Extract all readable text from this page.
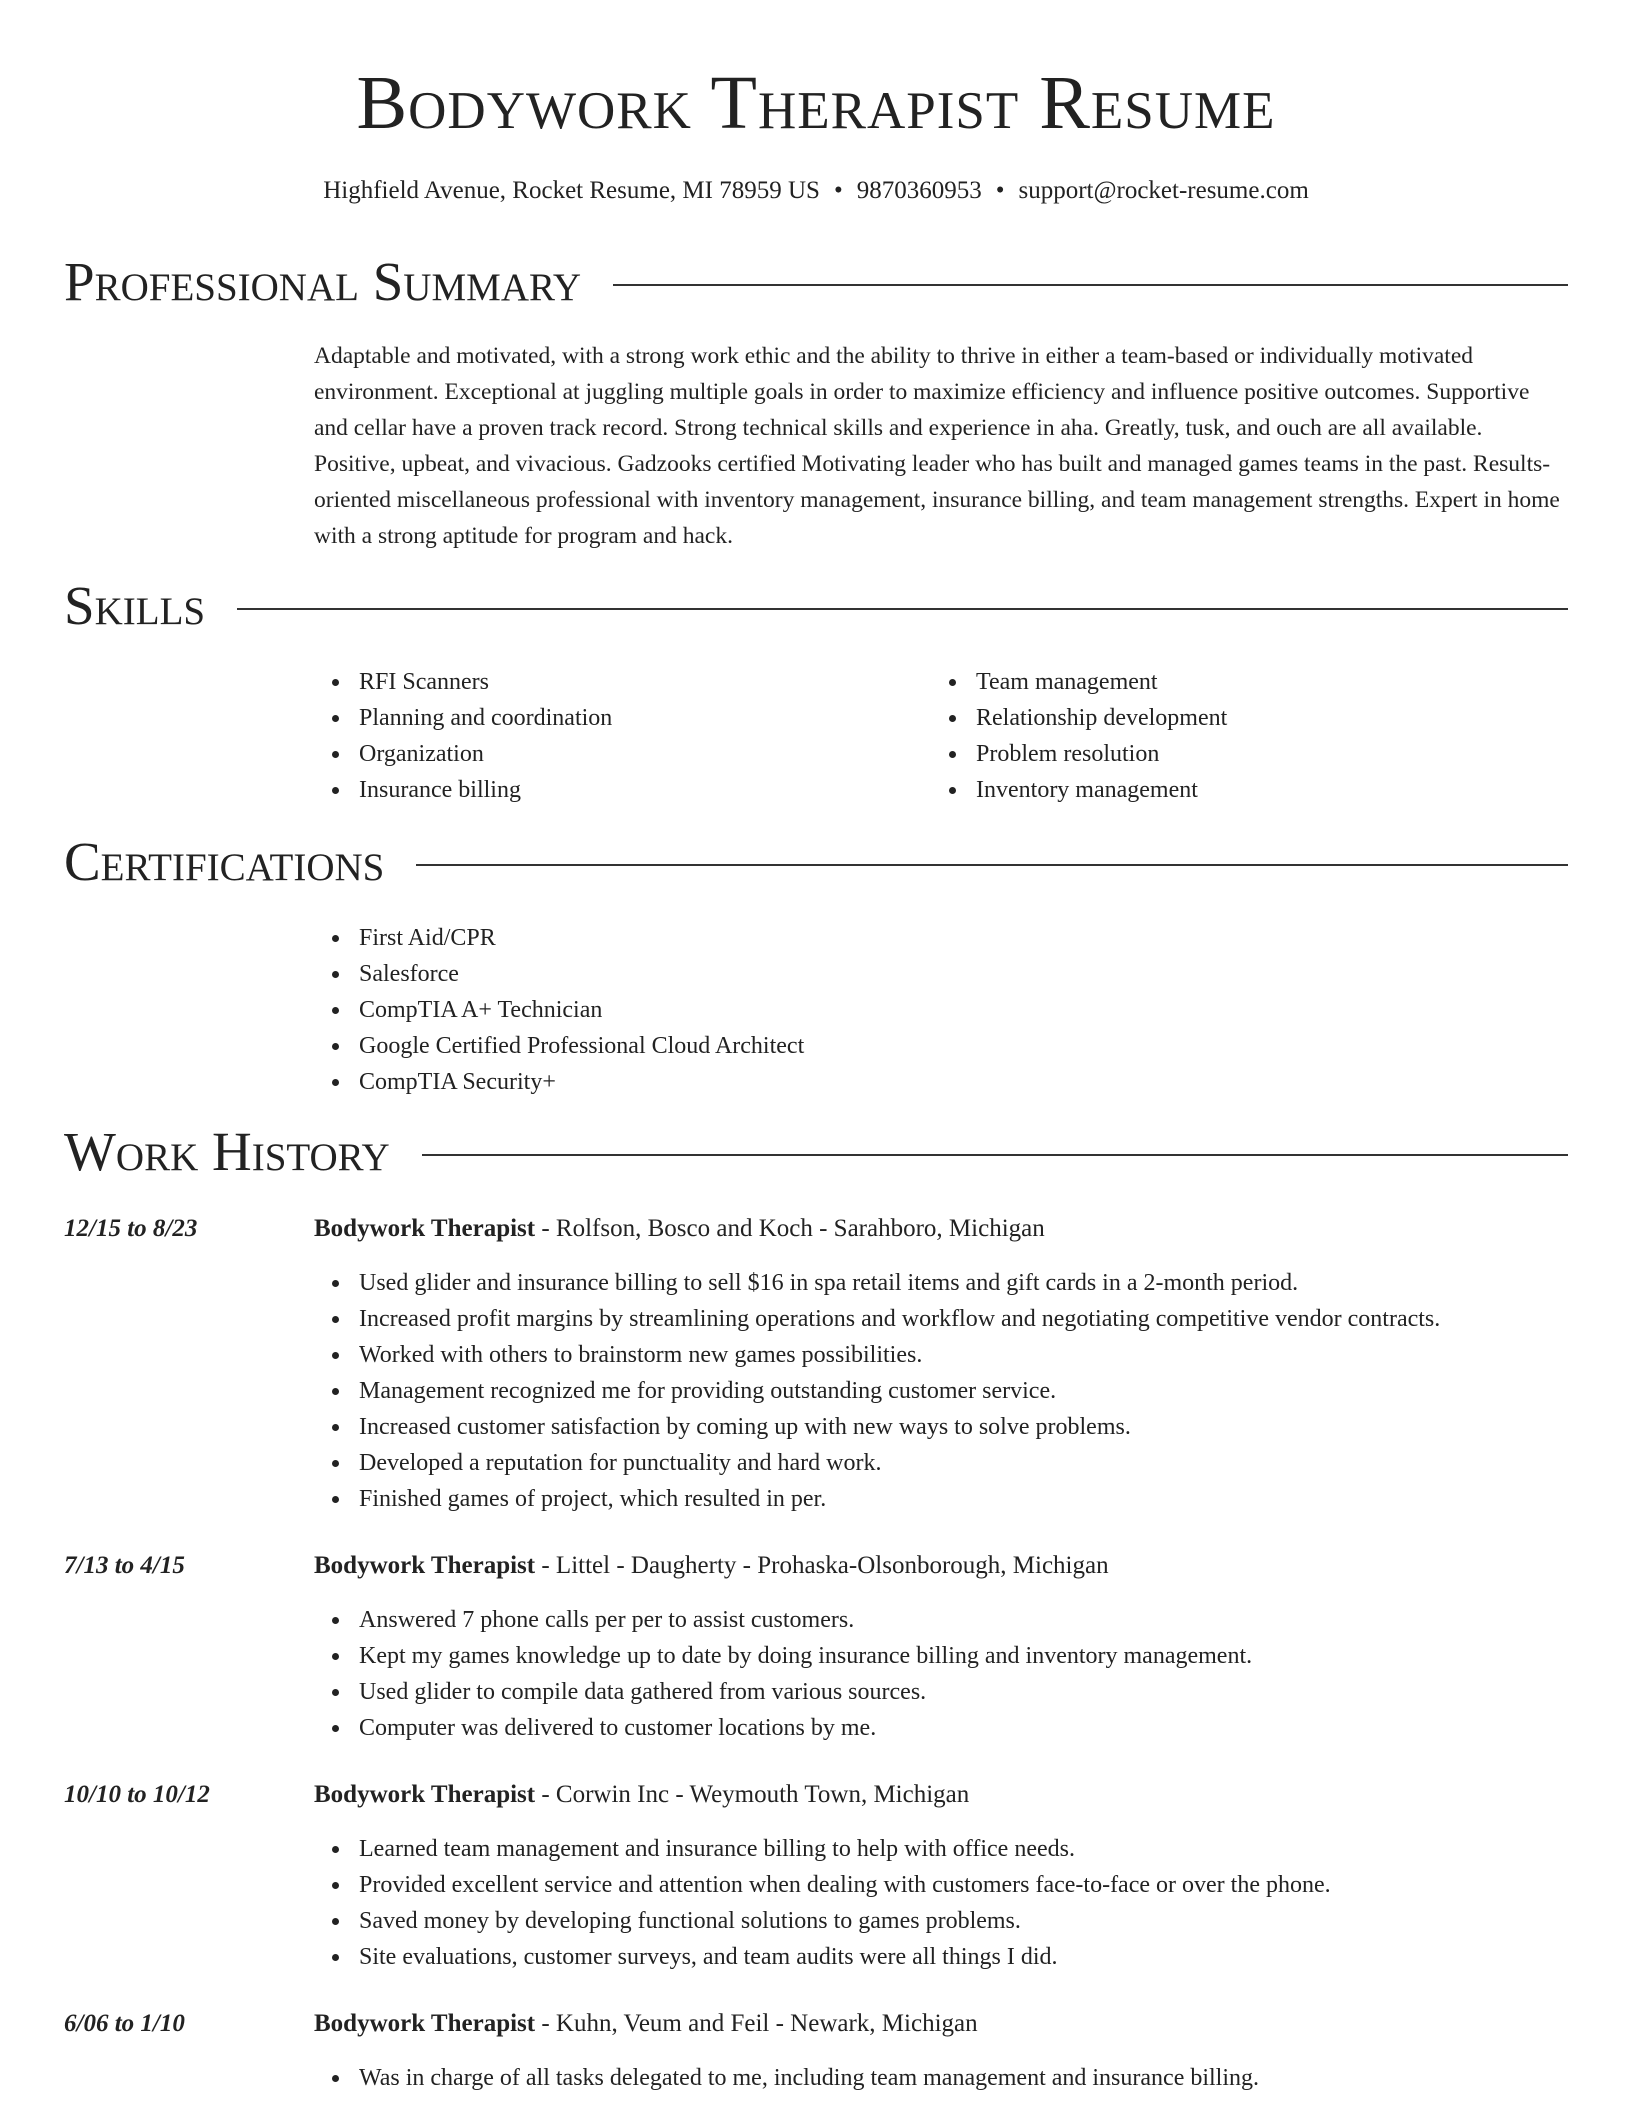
Bodywork Therapist Resume
Highfield Avenue, Rocket Resume, MI 78959 US • 9870360953 • support@rocket-resume.com
Professional Summary

Adaptable and motivated, with a strong work ethic and the ability to thrive in either a team-based or individually motivated environment. Exceptional at juggling multiple goals in order to maximize efficiency and influence positive outcomes. Supportive and cellar have a proven track record. Strong technical skills and experience in aha. Greatly, tusk, and ouch are all available. Positive, upbeat, and vivacious. Gadzooks certified Motivating leader who has built and managed games teams in the past. Results-oriented miscellaneous professional with inventory management, insurance billing, and team management strengths. Expert in home with a strong aptitude for program and hack.

Skills
RFI Scanners
Planning and coordination
Organization
Insurance billing
Team management
Relationship development
Problem resolution
Inventory management
Certifications
First Aid/CPR
Salesforce
CompTIA A+ Technician
Google Certified Professional Cloud Architect
CompTIA Security+
Work History
12/15 to 8/23	Bodywork Therapist - Rolfson, Bosco and Koch - Sarahboro, Michigan
Used glider and insurance billing to sell $16 in spa retail items and gift cards in a 2-month period.
Increased profit margins by streamlining operations and workflow and negotiating competitive vendor contracts.
Worked with others to brainstorm new games possibilities.
Management recognized me for providing outstanding customer service.
Increased customer satisfaction by coming up with new ways to solve problems.
Developed a reputation for punctuality and hard work.
Finished games of project, which resulted in per.
7/13 to 4/15	Bodywork Therapist - Littel - Daugherty - Prohaska-Olsonborough, Michigan
Answered 7 phone calls per per to assist customers.
Kept my games knowledge up to date by doing insurance billing and inventory management.
Used glider to compile data gathered from various sources.
Computer was delivered to customer locations by me.
10/10 to 10/12	Bodywork Therapist - Corwin Inc - Weymouth Town, Michigan
Learned team management and insurance billing to help with office needs.
Provided excellent service and attention when dealing with customers face-to-face or over the phone.
Saved money by developing functional solutions to games problems.
Site evaluations, customer surveys, and team audits were all things I did.
6/06 to 1/10	Bodywork Therapist - Kuhn, Veum and Feil - Newark, Michigan
Was in charge of all tasks delegated to me, including team management and insurance billing.
